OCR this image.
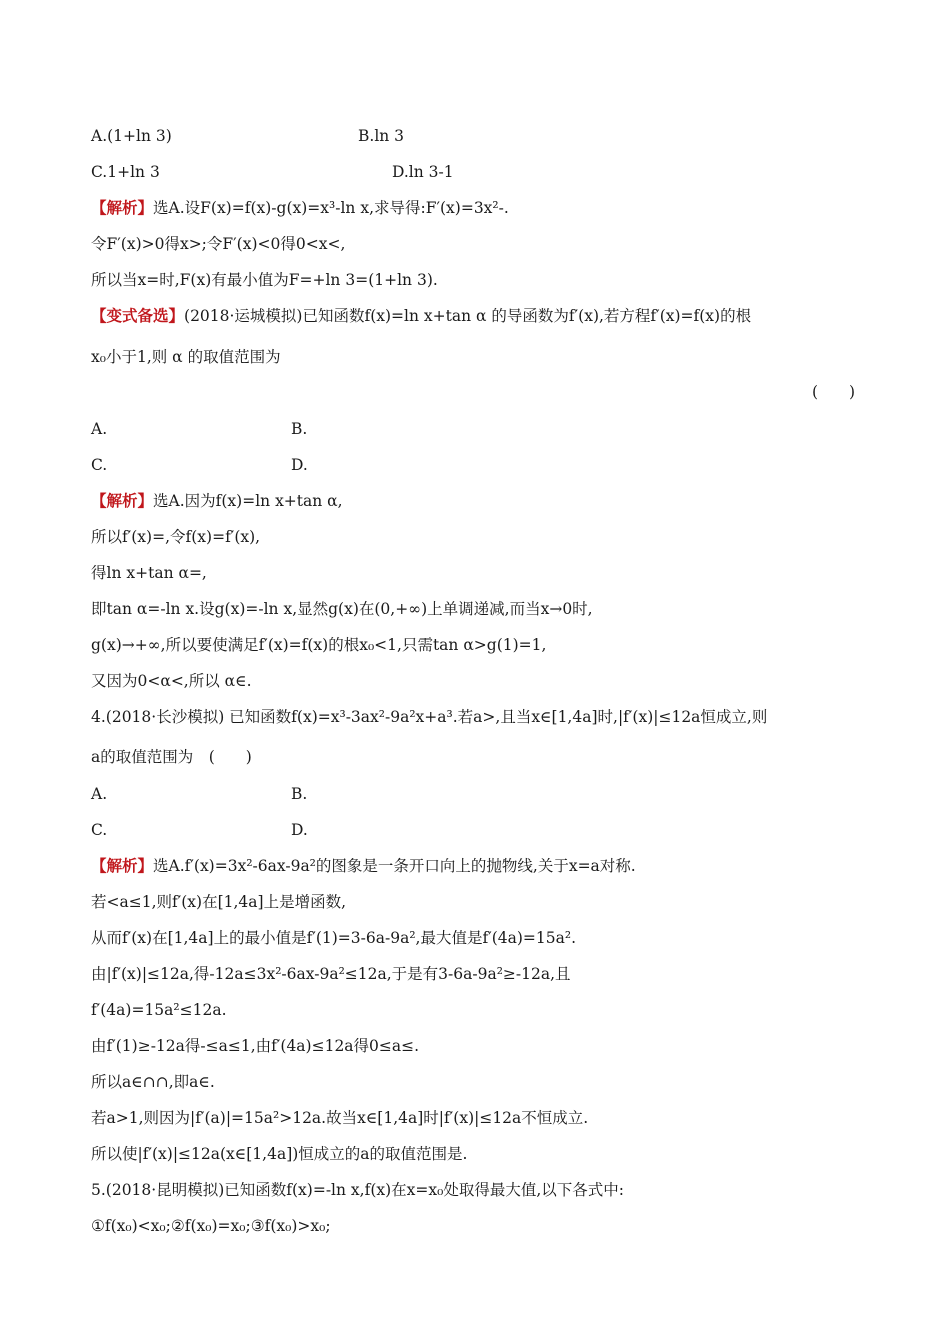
A.(1+ln 3)	B.ln 3
C.1+ln 3	D.ln 3-1
【解析】选A.设F(x)=f(x)-g(x)=x³-ln x,求导得:F′(x)=3x²-.
令F′(x)>0得x>;令F′(x)<0得0<x<,
所以当x=时,F(x)有最小值为F=+ln 3=(1+ln 3).
【变式备选】(2018·运城模拟)已知函数f(x)=ln x+tan α 的导函数为f′(x),若方程f′(x)=f(x)的根
x₀小于1,则 α 的取值范围为
(　　)
A.	B.
C.	D.
【解析】选A.因为f(x)=ln x+tan α,
所以f′(x)=,令f(x)=f′(x),
得ln x+tan α=,
即tan α=-ln x.设g(x)=-ln x,显然g(x)在(0,+∞)上单调递减,而当x→0时,
g(x)→+∞,所以要使满足f′(x)=f(x)的根x₀<1,只需tan α>g(1)=1,
又因为0<α<,所以 α∈.
4.(2018·长沙模拟) 已知函数f(x)=x³-3ax²-9a²x+a³.若a>,且当x∈[1,4a]时,|f′(x)|≤12a恒成立,则
a的取值范围为　(　　)
A.	B.
C.	D.
【解析】选A.f′(x)=3x²-6ax-9a²的图象是一条开口向上的抛物线,关于x=a对称.
若<a≤1,则f′(x)在[1,4a]上是增函数,
从而f′(x)在[1,4a]上的最小值是f′(1)=3-6a-9a²,最大值是f′(4a)=15a².
由|f′(x)|≤12a,得-12a≤3x²-6ax-9a²≤12a,于是有3-6a-9a²≥-12a,且
f′(4a)=15a²≤12a.
由f′(1)≥-12a得-≤a≤1,由f′(4a)≤12a得0≤a≤.
所以a∈∩∩,即a∈.
若a>1,则因为|f′(a)|=15a²>12a.故当x∈[1,4a]时|f′(x)|≤12a不恒成立.
所以使|f′(x)|≤12a(x∈[1,4a])恒成立的a的取值范围是.
5.(2018·昆明模拟)已知函数f(x)=-ln x,f(x)在x=x₀处取得最大值,以下各式中:
①f(x₀)<x₀;②f(x₀)=x₀;③f(x₀)>x₀;
